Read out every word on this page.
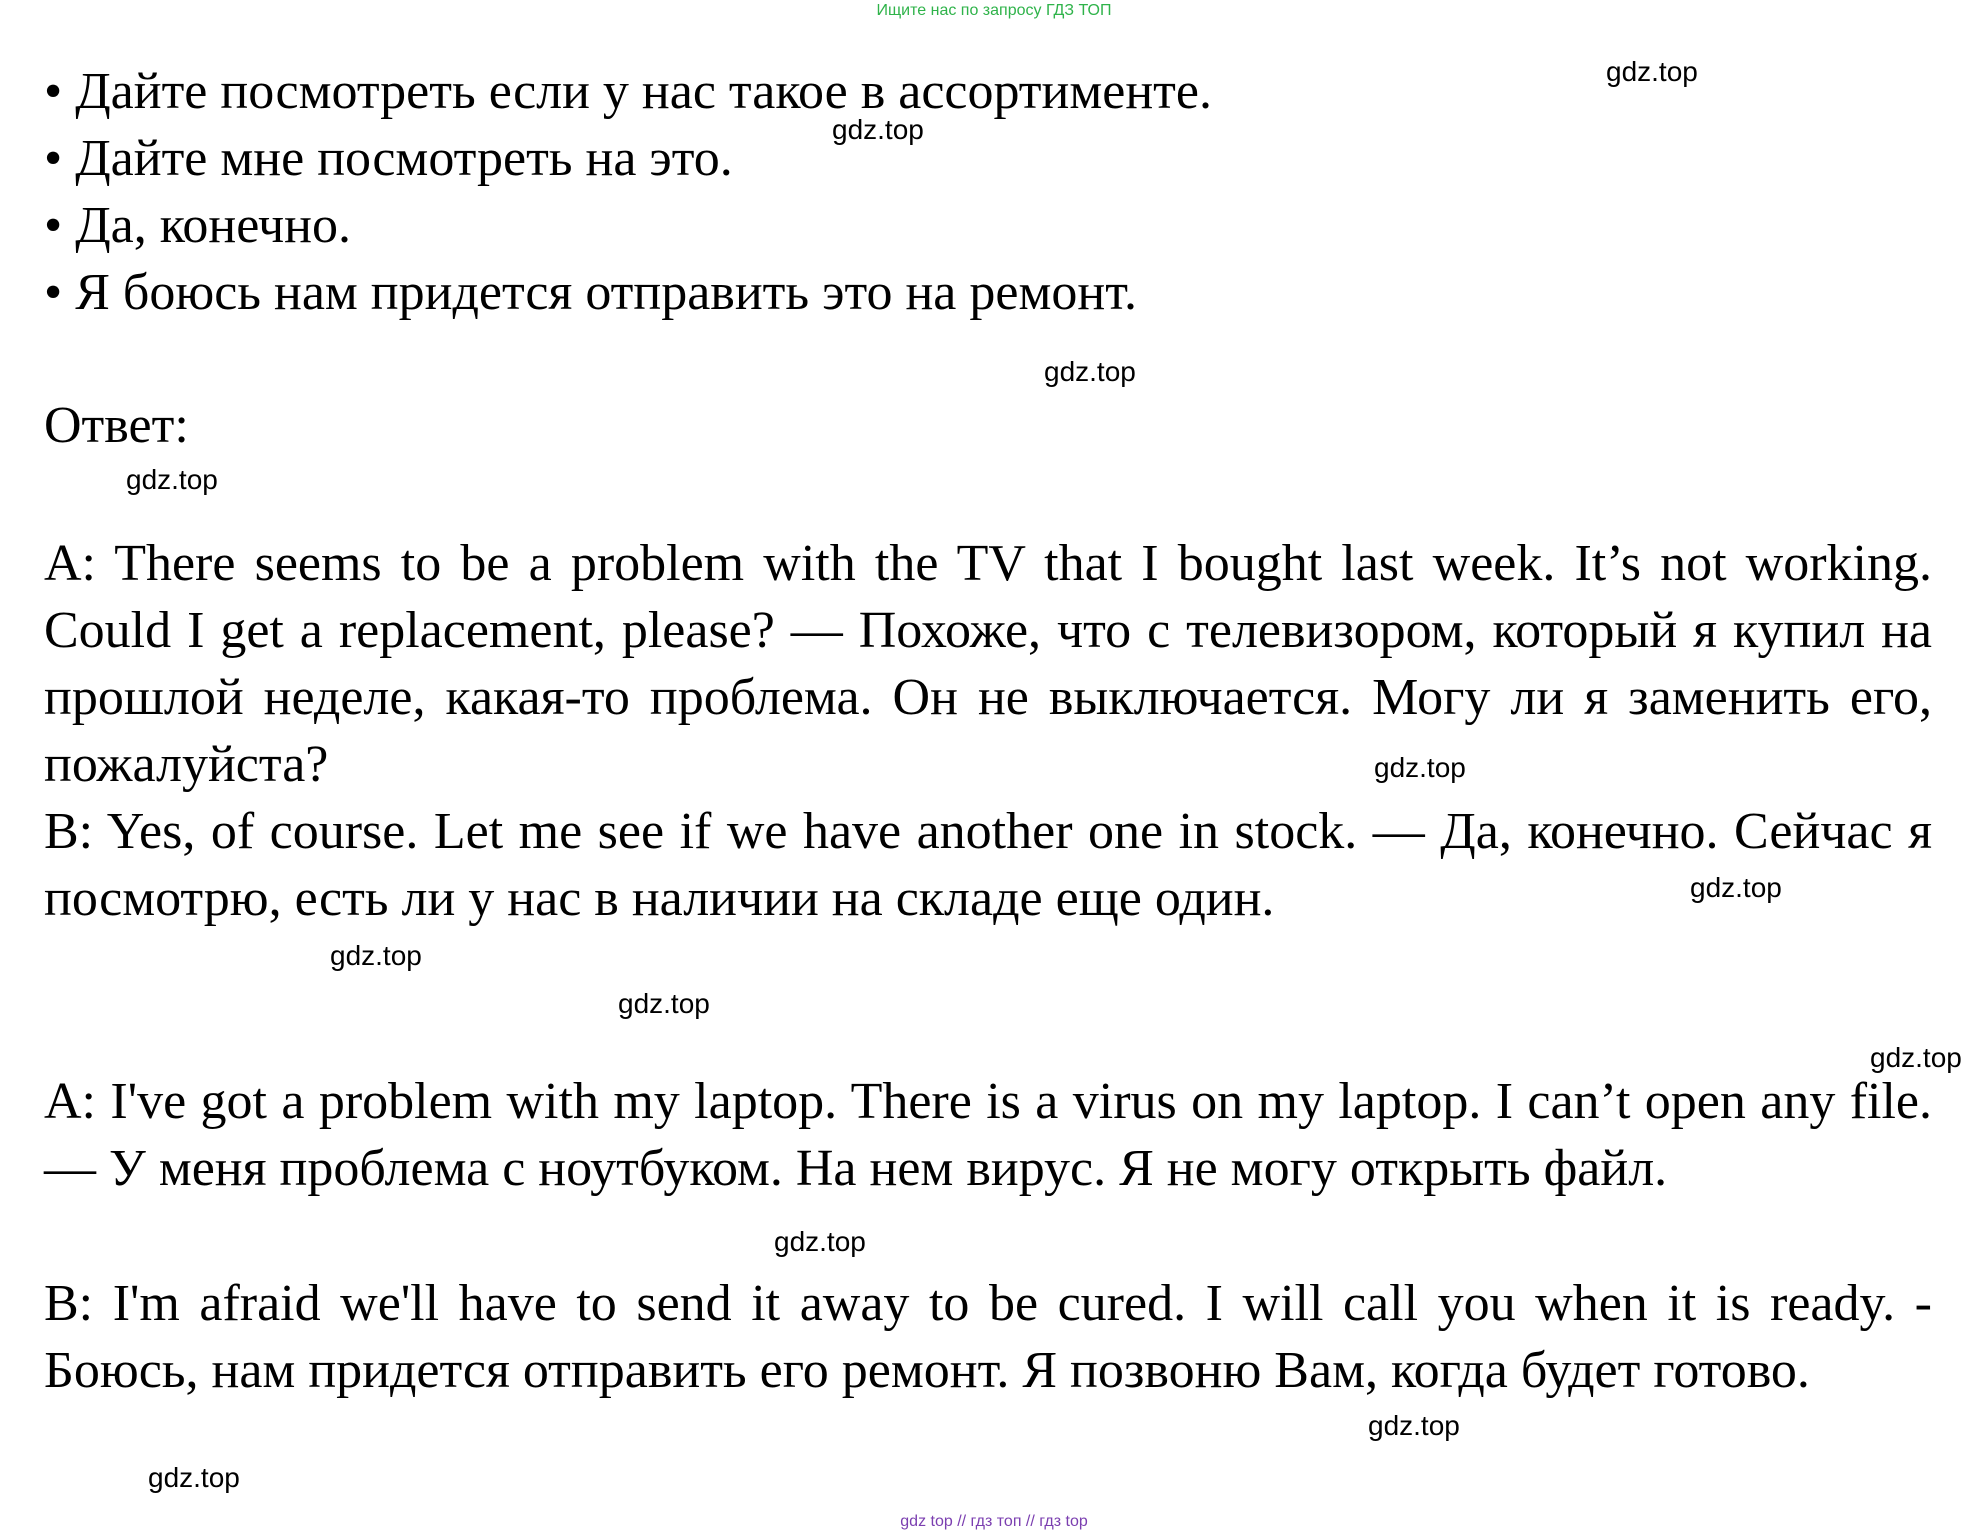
Ищите нас по запросу ГДЗ ТОП
• Дайте посмотреть если у нас такое в ассортименте.
• Дайте мне посмотреть на это.
• Да, конечно.
• Я боюсь нам придется отправить это на ремонт.
Ответ:

A: There seems to be a problem with the TV that I bought last week. It’s not working. Could I get a replacement, please? — Похоже, что с телевизором, который я купил на прошлой неделе, какая-то проблема. Он не выключается. Могу ли я заменить его, пожалуйста?

B: Yes, of course. Let me see if we have another one in stock. — Да, конечно. Сейчас я посмотрю, есть ли у нас в наличии на складе еще один.

A: I've got a problem with my laptop. There is a virus on my laptop. I can’t open any file. — У меня проблема с ноутбуком. На нем вирус. Я не могу открыть файл.

B: I'm afraid we'll have to send it away to be cured. I will call you when it is ready. - Боюсь, нам придется отправить его ремонт. Я позвоню Вам, когда будет готово.

gdz.top
gdz.top
gdz.top
gdz.top
gdz.top
gdz.top
gdz.top
gdz.top
gdz.top
gdz.top
gdz.top
gdz.top
gdz top // гдз топ // гдз top
